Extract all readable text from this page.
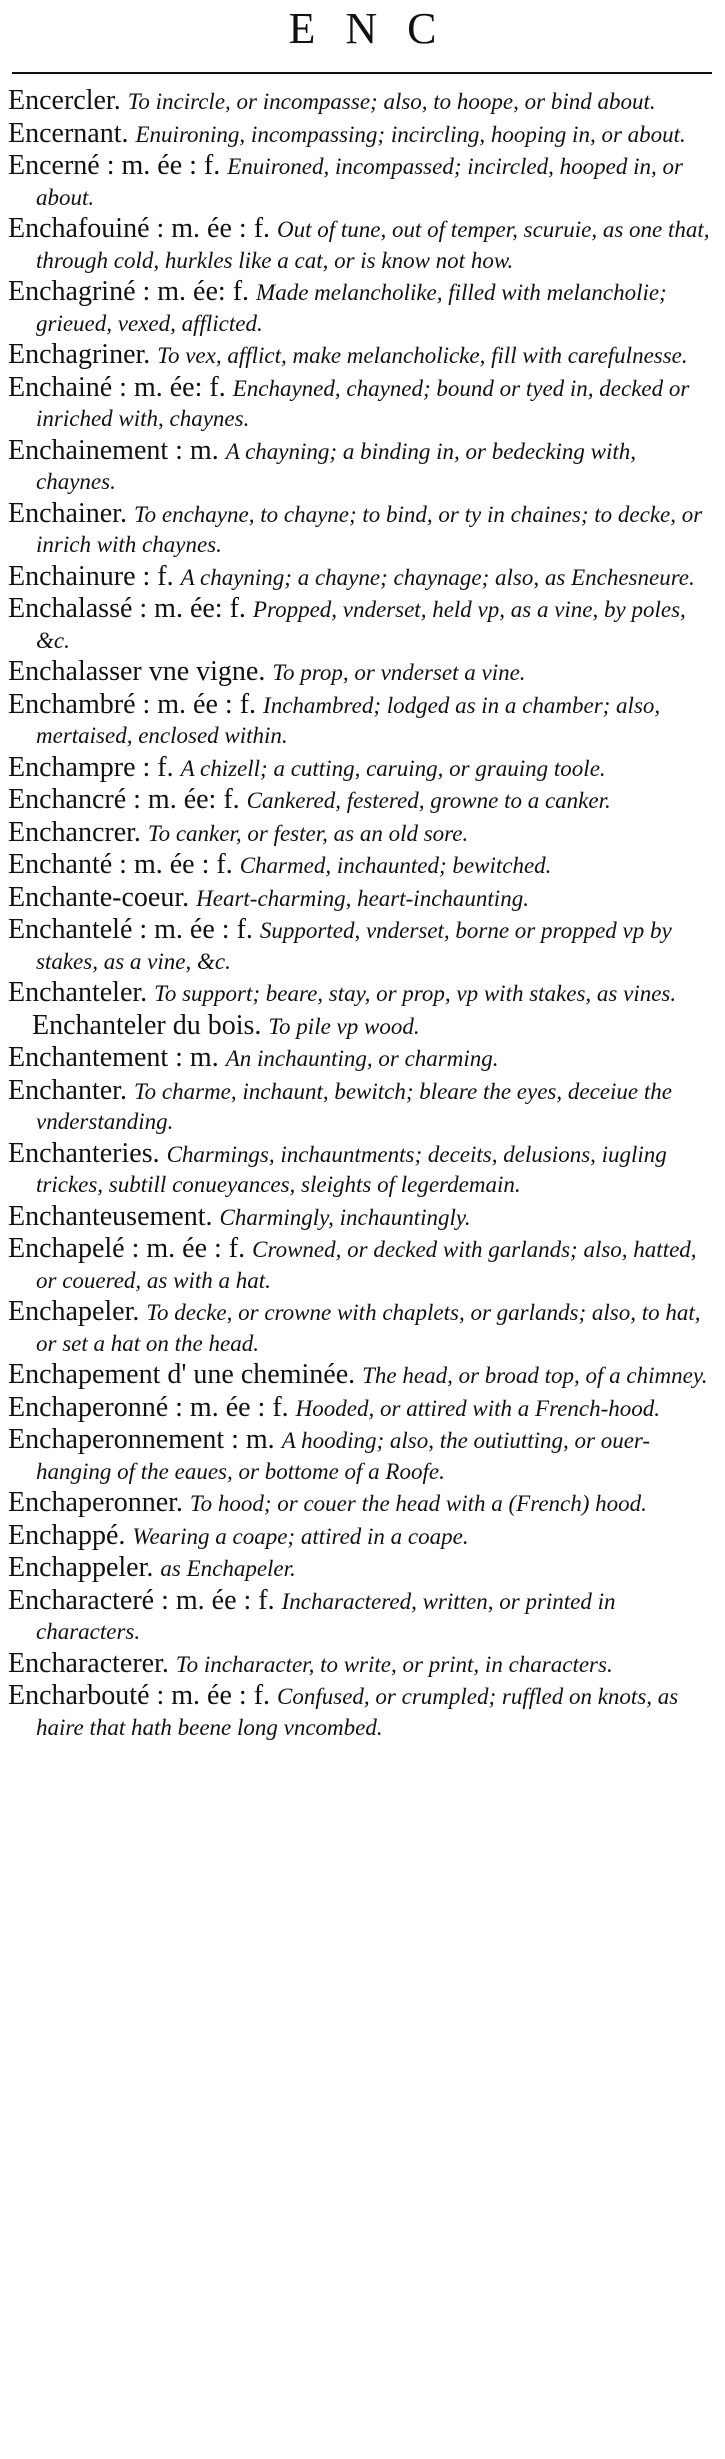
ENC
Encercler. To incircle, or incompasse; also, to hoope, or bind about.
Encernant. Enuironing, incompassing; incircling, hooping in, or about.
Encerné : m. ée : f. Enuironed, incompassed; incircled, hooped in, or about.
Enchafouiné : m. ée : f. Out of tune, out of temper, scuruie, as one that, through cold, hurkles like a cat, or is know not how.
Enchagriné : m. ée: f. Made melancholike, filled with melancholie; grieued, vexed, afflicted.
Enchagriner. To vex, afflict, make melancholicke, fill with carefulnesse.
Enchainé : m. ée: f. Enchayned, chayned; bound or tyed in, decked or inriched with, chaynes.
Enchainement : m. A chayning; a binding in, or bedecking with, chaynes.
Enchainer. To enchayne, to chayne; to bind, or ty in chaines; to decke, or inrich with chaynes.
Enchainure : f. A chayning; a chayne; chaynage; also, as Enchesneure.
Enchalassé : m. ée: f. Propped, vnderset, held vp, as a vine, by poles, &c.
Enchalasser vne vigne. To prop, or vnderset a vine.
Enchambré : m. ée : f. Inchambred; lodged as in a chamber; also, mertaised, enclosed within.
Enchampre : f. A chizell; a cutting, caruing, or grauing toole.
Enchancré : m. ée: f. Cankered, festered, growne to a canker.
Enchancrer. To canker, or fester, as an old sore.
Enchanté : m. ée : f. Charmed, inchaunted; bewitched.
Enchante-coeur. Heart-charming, heart-inchaunting.
Enchantelé : m. ée : f. Supported, vnderset, borne or propped vp by stakes, as a vine, &c.
Enchanteler. To support; beare, stay, or prop, vp with stakes, as vines.
Enchanteler du bois. To pile vp wood.
Enchantement : m. An inchaunting, or charming.
Enchanter. To charme, inchaunt, bewitch; bleare the eyes, deceiue the vnderstanding.
Enchanteries. Charmings, inchauntments; deceits, delusions, iugling trickes, subtill conueyances, sleights of legerdemain.
Enchanteusement. Charmingly, inchauntingly.
Enchapelé : m. ée : f. Crowned, or decked with garlands; also, hatted, or couered, as with a hat.
Enchapeler. To decke, or crowne with chaplets, or garlands; also, to hat, or set a hat on the head.
Enchapement d' une cheminée. The head, or broad top, of a chimney.
Enchaperonné : m. ée : f. Hooded, or attired with a French-hood.
Enchaperonnement : m. A hooding; also, the outiutting, or ouer-hanging of the eaues, or bottome of a Roofe.
Enchaperonner. To hood; or couer the head with a (French) hood.
Enchappé. Wearing a coape; attired in a coape.
Enchappeler. as Enchapeler.
Encharacteré : m. ée : f. Incharactered, written, or printed in characters.
Encharacterer. To incharacter, to write, or print, in characters.
Encharbouté : m. ée : f. Confused, or crumpled; ruffled on knots, as haire that hath beene long vncombed.
